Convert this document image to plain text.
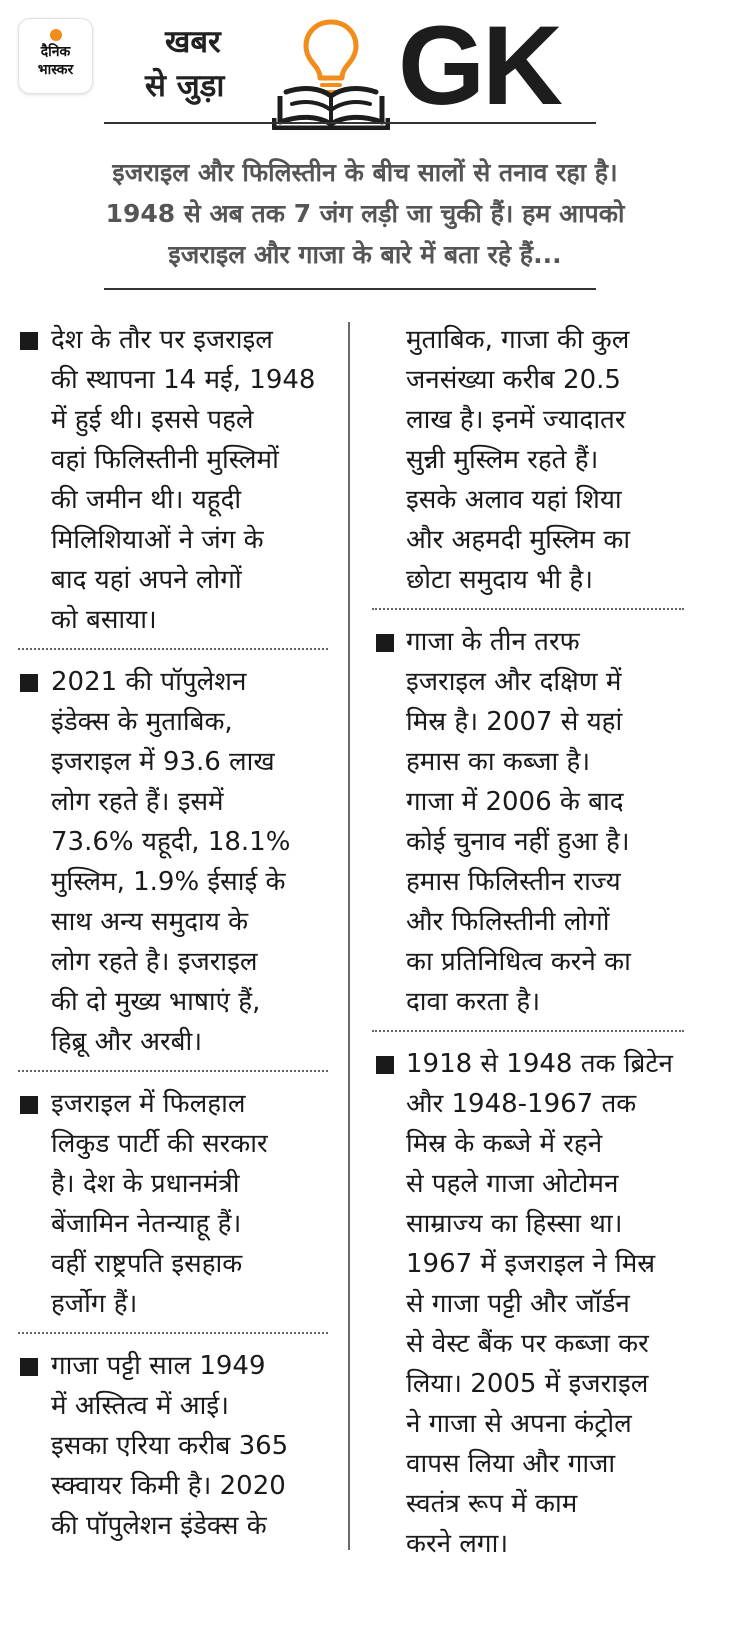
दैनिक
भास्कर
खबर
से जुड़ा GK
इजराइल और फिलिस्तीन के बीच सालों से तनाव रहा है।
1948 से अब तक 7 जंग लड़ी जा चुकी हैं। हम आपको
इजराइल और गाजा के बारे में बता रहे हैं...
देश के तौर पर इजराइल
की स्थापना 14 मई, 1948
में हुई थी। इससे पहले
वहां फिलिस्तीनी मुस्लिमों
की जमीन थी। यहूदी
मिलिशियाओं ने जंग के
बाद यहां अपने लोगों
को बसाया।
2021 की पॉपुलेशन
इंडेक्स के मुताबिक,
इजराइल में 93.6 लाख
लोग रहते हैं। इसमें
73.6% यहूदी, 18.1%
मुस्लिम, 1.9% ईसाई के
साथ अन्य समुदाय के
लोग रहते है। इजराइल
की दो मुख्य भाषाएं हैं,
हिब्रू और अरबी।
इजराइल में फिलहाल
लिकुड पार्टी की सरकार
है। देश के प्रधानमंत्री
बेंजामिन नेतन्याहू हैं।
वहीं राष्ट्रपति इसहाक
हर्जोग हैं।
गाजा पट्टी साल 1949
में अस्तित्व में आई।
इसका एरिया करीब 365
स्क्वायर किमी है। 2020
की पॉपुलेशन इंडेक्स के
मुताबिक, गाजा की कुल
जनसंख्या करीब 20.5
लाख है। इनमें ज्यादातर
सुन्नी मुस्लिम रहते हैं।
इसके अलाव यहां शिया
और अहमदी मुस्लिम का
छोटा समुदाय भी है।
गाजा के तीन तरफ
इजराइल और दक्षिण में
मिस्र है। 2007 से यहां
हमास का कब्जा है।
गाजा में 2006 के बाद
कोई चुनाव नहीं हुआ है।
हमास फिलिस्तीन राज्य
और फिलिस्तीनी लोगों
का प्रतिनिधित्व करने का
दावा करता है।
1918 से 1948 तक ब्रिटेन
और 1948-1967 तक
मिस्र के कब्जे में रहने
से पहले गाजा ओटोमन
साम्राज्य का हिस्सा था।
1967 में इजराइल ने मिस्र
से गाजा पट्टी और जॉर्डन
से वेस्ट बैंक पर कब्जा कर
लिया। 2005 में इजराइल
ने गाजा से अपना कंट्रोल
वापस लिया और गाजा
स्वतंत्र रूप में काम
करने लगा।
